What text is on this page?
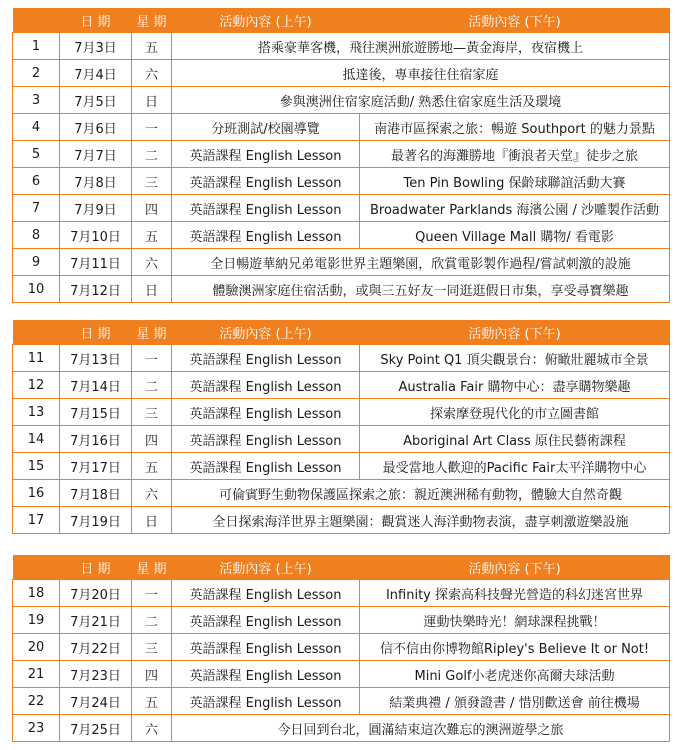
	日 期	星 期	活動內容 (上午)	活動內容 (下午)
1	7月3日	五	搭乘豪華客機，飛往澳洲旅遊勝地—黃金海岸，夜宿機上	
2	7月4日	六	抵達後，專車接往住宿家庭	
3	7月5日	日	參與澳洲住宿家庭活動/ 熟悉住宿家庭生活及環境	
4	7月6日	一	分班測試/校園導覽	南港市區探索之旅：暢遊 Southport 的魅力景點
5	7月7日	二	英語課程 English Lesson	最著名的海灘勝地『衝浪者天堂』徒步之旅
6	7月8日	三	英語課程 English Lesson	Ten Pin Bowling 保齡球聯誼活動大賽
7	7月9日	四	英語課程 English Lesson	Broadwater Parklands 海濱公園 / 沙雕製作活動
8	7月10日	五	英語課程 English Lesson	Queen Village Mall 購物/ 看電影
9	7月11日	六	全日暢遊華納兄弟電影世界主題樂園，欣賞電影製作過程/嘗試刺激的設施	
10	7月12日	日	體驗澳洲家庭住宿活動，或與三五好友一同逛逛假日市集，享受尋寶樂趣	
	日 期	星 期	活動內容 (上午)	活動內容 (下午)
11	7月13日	一	英語課程 English Lesson	Sky Point Q1 頂尖觀景台：俯瞰壯麗城市全景
12	7月14日	二	英語課程 English Lesson	Australia Fair 購物中心：盡享購物樂趣
13	7月15日	三	英語課程 English Lesson	探索摩登現代化的市立圖書館
14	7月16日	四	英語課程 English Lesson	Aboriginal Art Class 原住民藝術課程
15	7月17日	五	英語課程 English Lesson	最受當地人歡迎的Pacific Fair太平洋購物中心
16	7月18日	六	可倫賓野生動物保護區探索之旅：親近澳洲稀有動物，體驗大自然奇觀	
17	7月19日	日	全日探索海洋世界主題樂園：觀賞迷人海洋動物表演，盡享刺激遊樂設施	
	日 期	星 期	活動內容 (上午)	活動內容 (下午)
18	7月20日	一	英語課程 English Lesson	Infinity 探索高科技聲光營造的科幻迷宮世界
19	7月21日	二	英語課程 English Lesson	運動快樂時光！網球課程挑戰！
20	7月22日	三	英語課程 English Lesson	信不信由你博物館Ripley's Believe It or Not!
21	7月23日	四	英語課程 English Lesson	Mini Golf小老虎迷你高爾夫球活動
22	7月24日	五	英語課程 English Lesson	結業典禮 / 頒發證書 / 惜別歡送會 前往機場
23	7月25日	六	今日回到台北，圓滿結束這次難忘的澳洲遊學之旅	
